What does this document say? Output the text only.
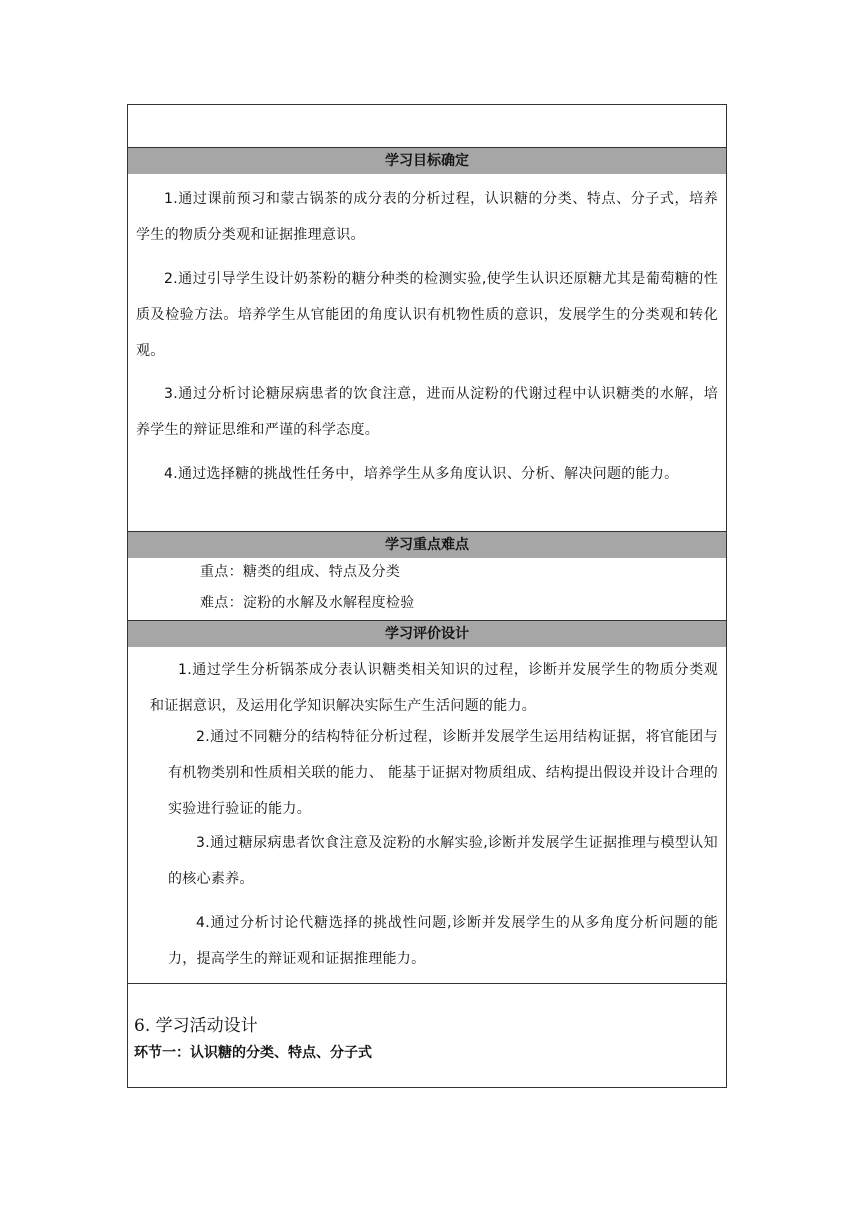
学习目标确定
1.通过课前预习和蒙古锅茶的成分表的分析过程，认识糖的分类、特点、分子式，培养学生的物质分类观和证据推理意识。
2.通过引导学生设计奶茶粉的糖分种类的检测实验,使学生认识还原糖尤其是葡萄糖的性质及检验方法。培养学生从官能团的角度认识有机物性质的意识，发展学生的分类观和转化观。
3.通过分析讨论糖尿病患者的饮食注意，进而从淀粉的代谢过程中认识糖类的水解，培养学生的辩证思维和严谨的科学态度。
4.通过选择糖的挑战性任务中，培养学生从多角度认识、分析、解决问题的能力。
学习重点难点
重点：糖类的组成、特点及分类
难点：淀粉的水解及水解程度检验
学习评价设计
1.通过学生分析锅茶成分表认识糖类相关知识的过程，诊断并发展学生的物质分类观和证据意识，及运用化学知识解决实际生产生活问题的能力。
2.通过不同糖分的结构特征分析过程，诊断并发展学生运用结构证据，将官能团与有机物类别和性质相关联的能力、 能基于证据对物质组成、结构提出假设并设计合理的实验进行验证的能力。
3.通过糖尿病患者饮食注意及淀粉的水解实验,诊断并发展学生证据推理与模型认知的核心素养。
4.通过分析讨论代糖选择的挑战性问题,诊断并发展学生的从多角度分析问题的能力，提高学生的辩证观和证据推理能力。
6. 学习活动设计
环节一：认识糖的分类、特点、分子式
